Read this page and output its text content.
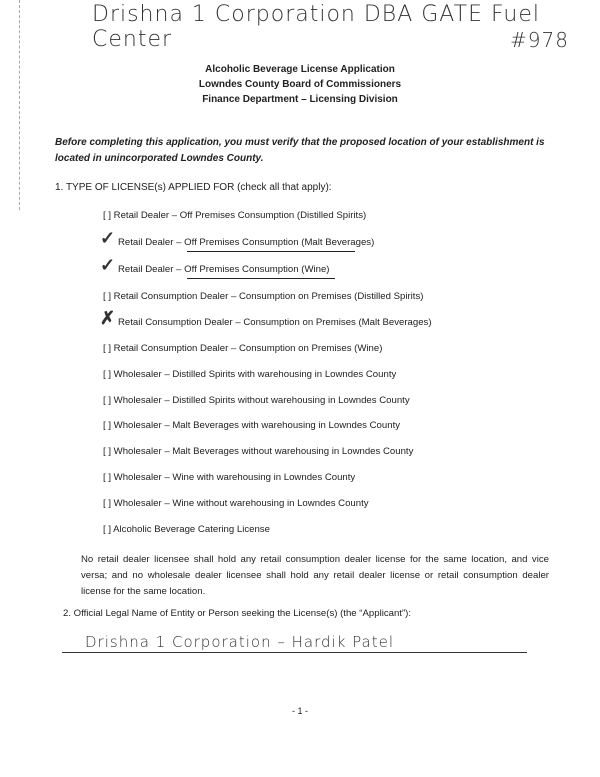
Drishna 1 Corporation DBA GATE Fuel Center	#978
Alcoholic Beverage License Application
Lowndes County Board of Commissioners
Finance Department – Licensing Division
Before completing this application, you must verify that the proposed location of your establishment is located in unincorporated Lowndes County.
1. TYPE OF LICENSE(s) APPLIED FOR (check all that apply):
[ ] Retail Dealer – Off Premises Consumption (Distilled Spirits)
✓ Retail Dealer – Off Premises Consumption (Malt Beverages)
✓ Retail Dealer – Off Premises Consumption (Wine)
[ ] Retail Consumption Dealer – Consumption on Premises (Distilled Spirits)
✗ Retail Consumption Dealer – Consumption on Premises (Malt Beverages)
[ ] Retail Consumption Dealer – Consumption on Premises (Wine)
[ ] Wholesaler – Distilled Spirits with warehousing in Lowndes County
[ ] Wholesaler – Distilled Spirits without warehousing in Lowndes County
[ ] Wholesaler – Malt Beverages with warehousing in Lowndes County
[ ] Wholesaler – Malt Beverages without warehousing in Lowndes County
[ ] Wholesaler – Wine with warehousing in Lowndes County
[ ] Wholesaler – Wine without warehousing in Lowndes County
[ ] Alcoholic Beverage Catering License
No retail dealer licensee shall hold any retail consumption dealer license for the same location, and vice versa; and no wholesale dealer licensee shall hold any retail dealer license or retail consumption dealer license for the same location.
2. Official Legal Name of Entity or Person seeking the License(s) (the “Applicant”):
Drishna 1 Corporation – Hardik Patel
- 1 -
